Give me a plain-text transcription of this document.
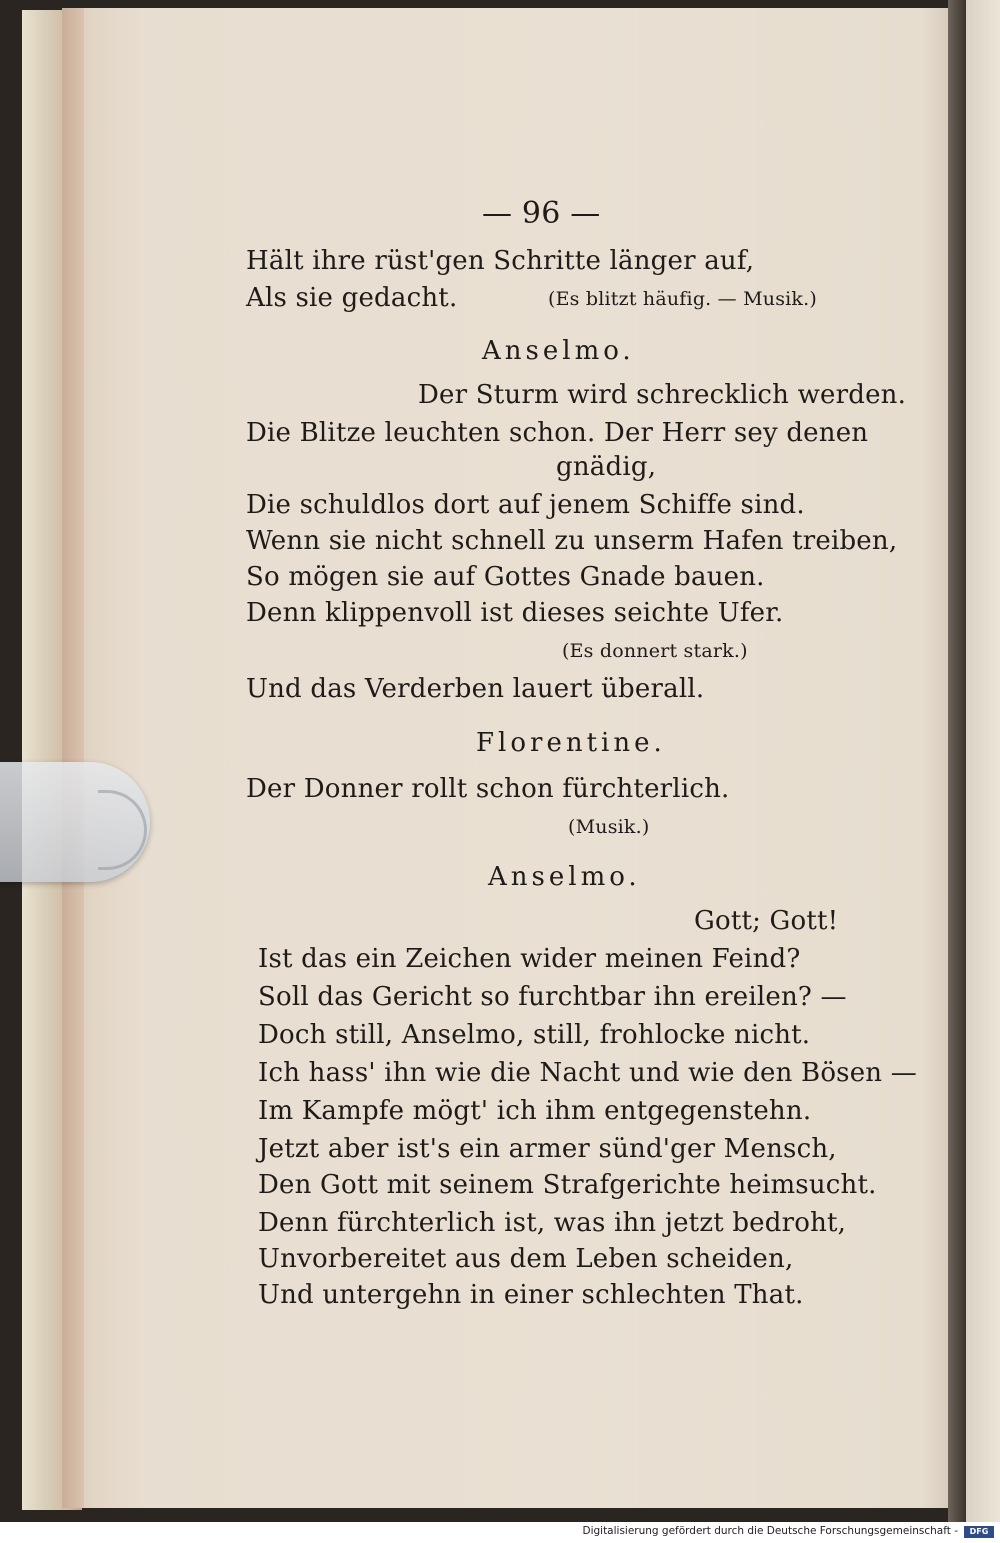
— 96 —
Hält ihre rüst'gen Schritte länger auf,
Als sie gedacht.	(Es blitzt häufig. — Musik.)
Anselmo.
Der Sturm wird schrecklich werden.
Die Blitze leuchten schon. Der Herr sey denen
gnädig,
Die schuldlos dort auf jenem Schiffe sind.
Wenn sie nicht schnell zu unserm Hafen treiben,
So mögen sie auf Gottes Gnade bauen.
Denn klippenvoll ist dieses seichte Ufer.
(Es donnert stark.)
Und das Verderben lauert überall.
Florentine.
Der Donner rollt schon fürchterlich.
(Musik.)
Anselmo.
Gott; Gott!
Ist das ein Zeichen wider meinen Feind?
Soll das Gericht so furchtbar ihn ereilen? —
Doch still, Anselmo, still, frohlocke nicht.
Ich hass' ihn wie die Nacht und wie den Bösen —
Im Kampfe mögt' ich ihm entgegenstehn.
Jetzt aber ist's ein armer sünd'ger Mensch,
Den Gott mit seinem Strafgerichte heimsucht.
Denn fürchterlich ist, was ihn jetzt bedroht,
Unvorbereitet aus dem Leben scheiden,
Und untergehn in einer schlechten That.
Digitalisierung gefördert durch die Deutsche Forschungsgemeinschaft -	DFG
